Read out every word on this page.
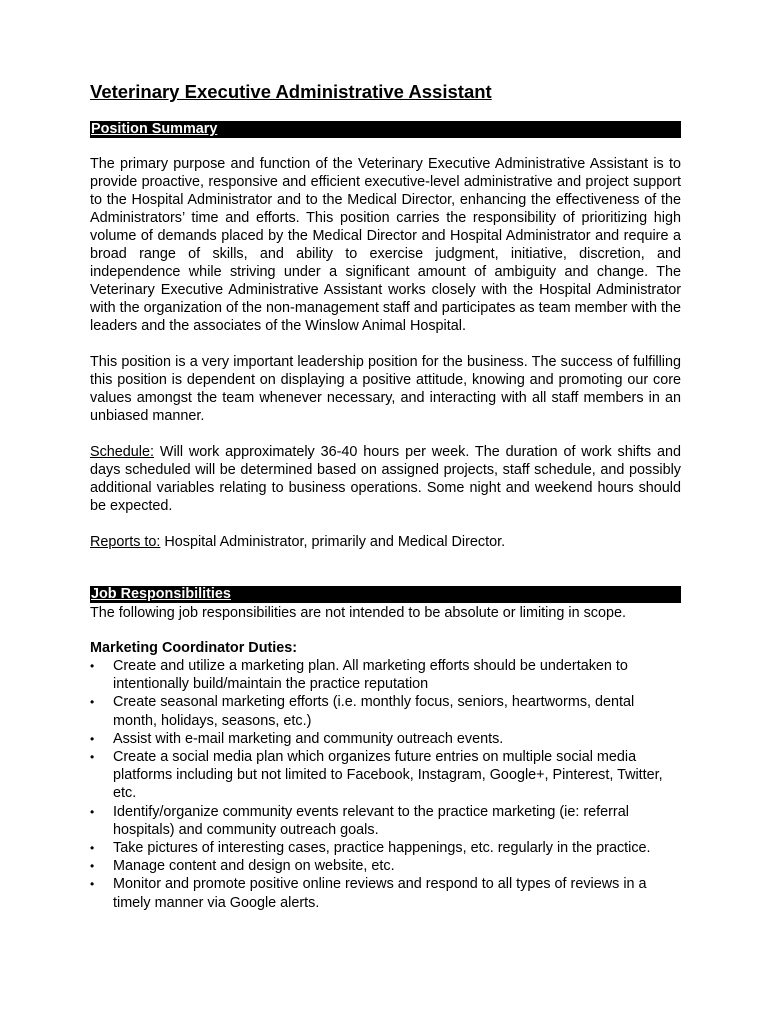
Veterinary Executive Administrative Assistant
Position Summary

The primary purpose and function of the Veterinary Executive Administrative Assistant is to provide proactive, responsive and efficient executive-level administrative and project support to the Hospital Administrator and to the Medical Director, enhancing the effectiveness of the Administrators’ time and efforts. This position carries the responsibility of prioritizing high volume of demands placed by the Medical Director and Hospital Administrator and require a broad range of skills, and ability to exercise judgment, initiative, discretion, and independence while striving under a significant amount of ambiguity and change. The Veterinary Executive Administrative Assistant works closely with the Hospital Administrator with the organization of the non-management staff and participates as team member with the leaders and the associates of the Winslow Animal Hospital.

This position is a very important leadership position for the business. The success of fulfilling this position is dependent on displaying a positive attitude, knowing and promoting our core values amongst the team whenever necessary, and interacting with all staff members in an unbiased manner.

Schedule: Will work approximately 36-40 hours per week. The duration of work shifts and days scheduled will be determined based on assigned projects, staff schedule, and possibly additional variables relating to business operations. Some night and weekend hours should be expected.

Reports to: Hospital Administrator, primarily and Medical Director.

Job Responsibilities
The following job responsibilities are not intended to be absolute or limiting in scope.
Marketing Coordinator Duties:
•	Create and utilize a marketing plan. All marketing efforts should be undertaken to intentionally build/maintain the practice reputation
•	Create seasonal marketing efforts (i.e. monthly focus, seniors, heartworms, dental month, holidays, seasons, etc.)
•	Assist with e-mail marketing and community outreach events.
•	Create a social media plan which organizes future entries on multiple social media platforms including but not limited to Facebook, Instagram, Google+, Pinterest, Twitter, etc.
•	Identify/organize community events relevant to the practice marketing (ie: referral hospitals) and community outreach goals.
•	Take pictures of interesting cases, practice happenings, etc. regularly in the practice.
•	Manage content and design on website, etc.
•	Monitor and promote positive online reviews and respond to all types of reviews in a timely manner via Google alerts.
